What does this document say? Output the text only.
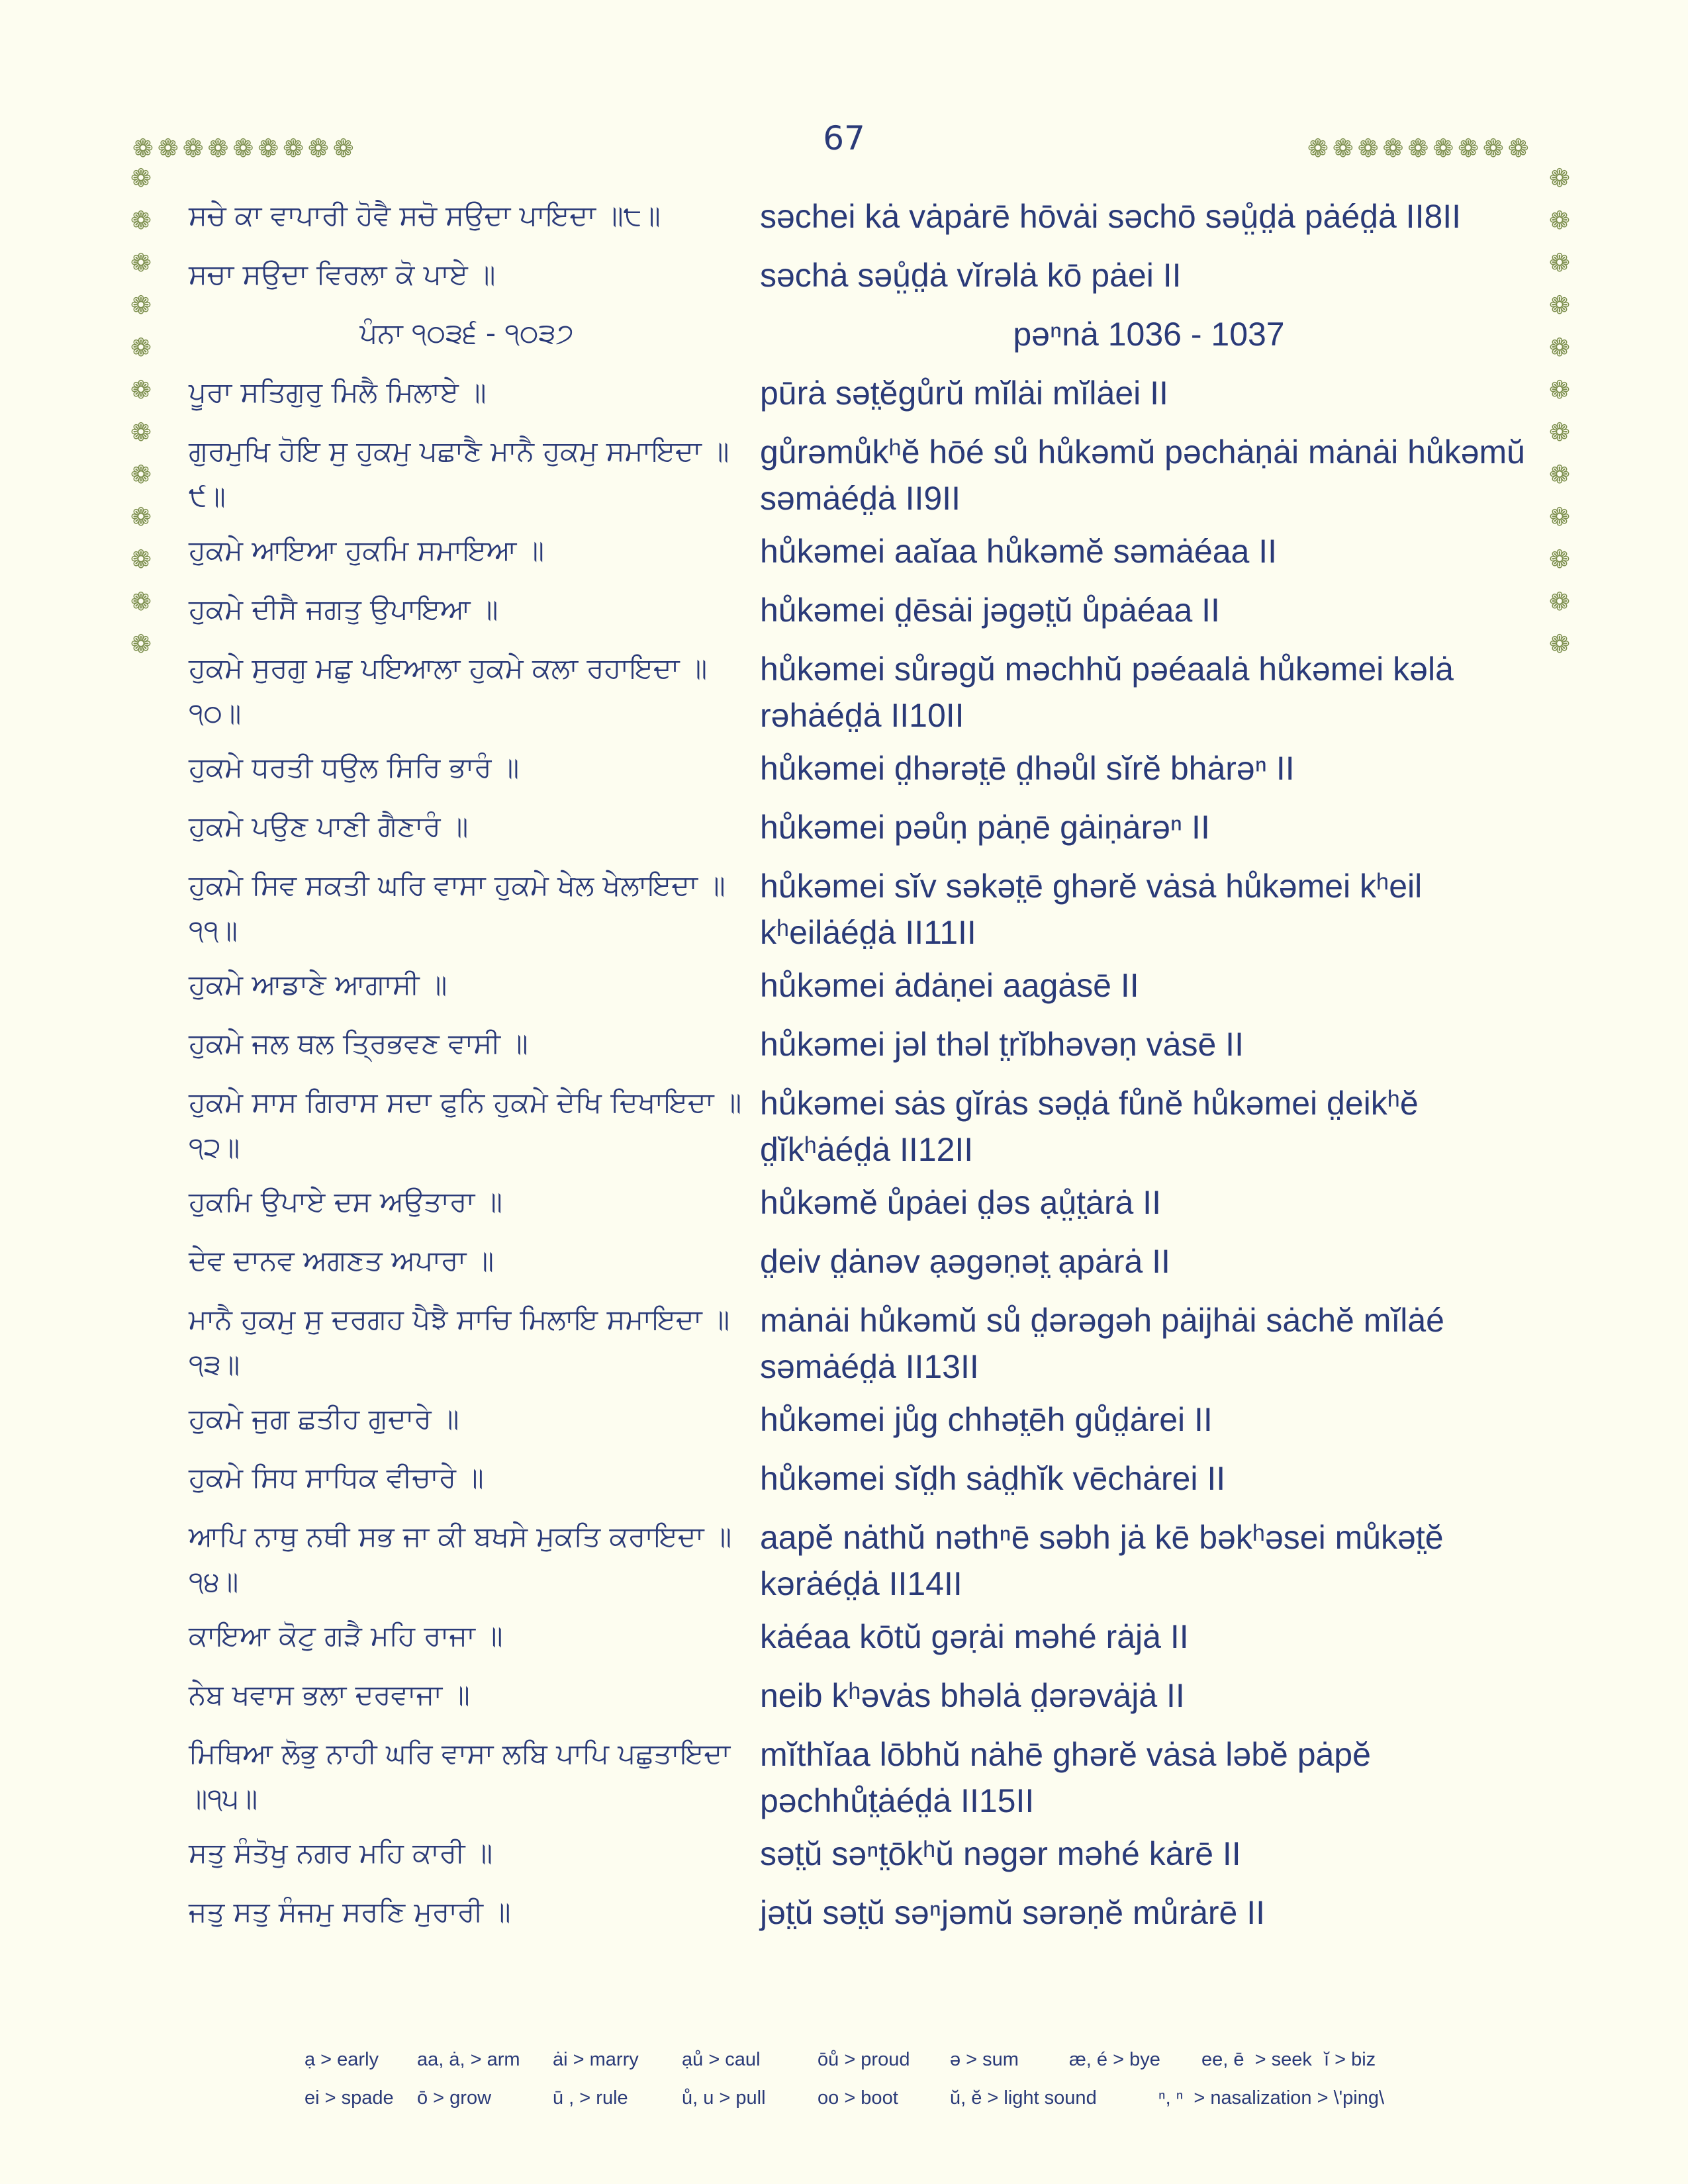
67
❁ ❁ ❁ ❁ ❁ ❁ ❁ ❁ ❁	❁ ❁ ❁ ❁ ❁ ❁ ❁ ❁ ❁
❁
❁
❁
❁
❁
❁
❁
❁
❁
❁
❁
❁
❁
❁
❁
❁
❁
❁
❁
❁
❁
❁
❁
❁
ਸਚੇ ਕਾ ਵਾਪਾਰੀ ਹੋਵੈ ਸਚੋ ਸਉਦਾ ਪਾਇਦਾ ॥੮॥	səchei kȧ vȧpȧrē hōvȧi səchō səṳ̊d̤ȧ pȧéd̤ȧ II8II
ਸਚਾ ਸਉਦਾ ਵਿਰਲਾ ਕੋ ਪਾਏ ॥	səchȧ səṳ̊d̤ȧ vĭrəlȧ kō pȧei II
ਪੰਨਾ ੧੦੩੬ - ੧੦੩੭	pəⁿnȧ 1036 - 1037
ਪੂਰਾ ਸਤਿਗੁਰੁ ਮਿਲੈ ਮਿਲਾਏ ॥	pūrȧ sət̤ĕgůrŭ mĭlȧi mĭlȧei II
ਗੁਰਮੁਖਿ ਹੋਇ ਸੁ ਹੁਕਮੁ ਪਛਾਣੈ ਮਾਨੈ ਹੁਕਮੁ ਸਮਾਇਦਾ ॥੯॥
gůrəmůkʰĕ hōé sů hůkəmŭ pəchȧṇȧi mȧnȧi hůkəmŭ səmȧéd̤ȧ II9II
ਹੁਕਮੇ ਆਇਆ ਹੁਕਮਿ ਸਮਾਇਆ ॥	hůkəmei aaĭaa hůkəmĕ səmȧéaa II
ਹੁਕਮੇ ਦੀਸੈ ਜਗਤੁ ਉਪਾਇਆ ॥	hůkəmei d̤ēsȧi jəgət̤ŭ ůpȧéaa II
ਹੁਕਮੇ ਸੁਰਗੁ ਮਛੁ ਪਇਆਲਾ ਹੁਕਮੇ ਕਲਾ ਰਹਾਇਦਾ ॥੧੦॥
hůkəmei sůrəgŭ məchhŭ pəéaalȧ hůkəmei kəlȧ rəhȧéd̤ȧ II10II
ਹੁਕਮੇ ਧਰਤੀ ਧਉਲ ਸਿਰਿ ਭਾਰੰ ॥	hůkəmei d̤hərət̤ē d̤həůl sĭrĕ bhȧrəⁿ II
ਹੁਕਮੇ ਪਉਣ ਪਾਣੀ ਗੈਣਾਰੰ ॥	hůkəmei pəůṇ pȧṇē gȧiṇȧrəⁿ II
ਹੁਕਮੇ ਸਿਵ ਸਕਤੀ ਘਰਿ ਵਾਸਾ ਹੁਕਮੇ ਖੇਲ ਖੇਲਾਇਦਾ ॥੧੧॥
hůkəmei sĭv səkət̤ē ghərĕ vȧsȧ hůkəmei kʰeil kʰeilȧéd̤ȧ II11II
ਹੁਕਮੇ ਆਡਾਣੇ ਆਗਾਸੀ ॥	hůkəmei ȧdȧṇei aagȧsē II
ਹੁਕਮੇ ਜਲ ਥਲ ਤ੍ਰਿਭਵਣ ਵਾਸੀ ॥	hůkəmei jəl thəl t̤rĭbhəvəṇ vȧsē II
ਹੁਕਮੇ ਸਾਸ ਗਿਰਾਸ ਸਦਾ ਫੁਨਿ ਹੁਕਮੇ ਦੇਖਿ ਦਿਖਾਇਦਾ ॥੧੨॥
hůkəmei sȧs gĭrȧs səd̤ȧ fůnĕ hůkəmei d̤eikʰĕ d̤ĭkʰȧéd̤ȧ II12II
ਹੁਕਮਿ ਉਪਾਏ ਦਸ ਅਉਤਾਰਾ ॥	hůkəmĕ ůpȧei d̤əs ạṳ̊t̤ȧrȧ II
ਦੇਵ ਦਾਨਵ ਅਗਣਤ ਅਪਾਰਾ ॥	d̤eiv d̤ȧnəv ạəgəṇət̤ ạpȧrȧ II
ਮਾਨੈ ਹੁਕਮੁ ਸੁ ਦਰਗਹ ਪੈਝੈ ਸਾਚਿ ਮਿਲਾਇ ਸਮਾਇਦਾ ॥੧੩॥
mȧnȧi hůkəmŭ sů d̤ərəgəh pȧijhȧi sȧchĕ mĭlȧé səmȧéd̤ȧ II13II
ਹੁਕਮੇ ਜੁਗ ਛਤੀਹ ਗੁਦਾਰੇ ॥	hůkəmei jůg chhət̤ēh gůd̤ȧrei II
ਹੁਕਮੇ ਸਿਧ ਸਾਧਿਕ ਵੀਚਾਰੇ ॥	hůkəmei sĭd̤h sȧd̤hĭk vēchȧrei II
ਆਪਿ ਨਾਥੁ ਨਥੀ ਸਭ ਜਾ ਕੀ ਬਖਸੇ ਮੁਕਤਿ ਕਰਾਇਦਾ ॥੧੪॥
aapĕ nȧthŭ nəthⁿē səbh jȧ kē bəkʰəsei můkət̤ĕ kərȧéd̤ȧ II14II
ਕਾਇਆ ਕੋਟੁ ਗੜੈ ਮਹਿ ਰਾਜਾ ॥	kȧéaa kōtŭ gəṛȧi məhé rȧjȧ II
ਨੇਬ ਖਵਾਸ ਭਲਾ ਦਰਵਾਜਾ ॥	neib kʰəvȧs bhəlȧ d̤ərəvȧjȧ II
ਮਿਥਿਆ ਲੋਭੁ ਨਾਹੀ ਘਰਿ ਵਾਸਾ ਲਬਿ ਪਾਪਿ ਪਛੁਤਾਇਦਾ ॥੧੫॥
mĭthĭaa lōbhŭ nȧhē ghərĕ vȧsȧ ləbĕ pȧpĕ pəchhůt̤ȧéd̤ȧ II15II
ਸਤੁ ਸੰਤੋਖੁ ਨਗਰ ਮਹਿ ਕਾਰੀ ॥	sət̤ŭ səⁿt̤ōkʰŭ nəgər məhé kȧrē II
ਜਤੁ ਸਤੁ ਸੰਜਮੁ ਸਰਣਿ ਮੁਰਾਰੀ ॥	jət̤ŭ sət̤ŭ səⁿjəmŭ sərəṇĕ můrȧrē II
ạ > early	aa, ȧ, > arm	ȧi > marry	ạů > caul	ōů > proud	ə > sum	æ, é > bye	ee, ē  > seek ĭ > biz
ei > spade	ō > grow	ū , > rule	ů, u > pull	oo > boot	ŭ, ĕ > light sound	ⁿ, ⁿ  > nasalization > \'ping\
